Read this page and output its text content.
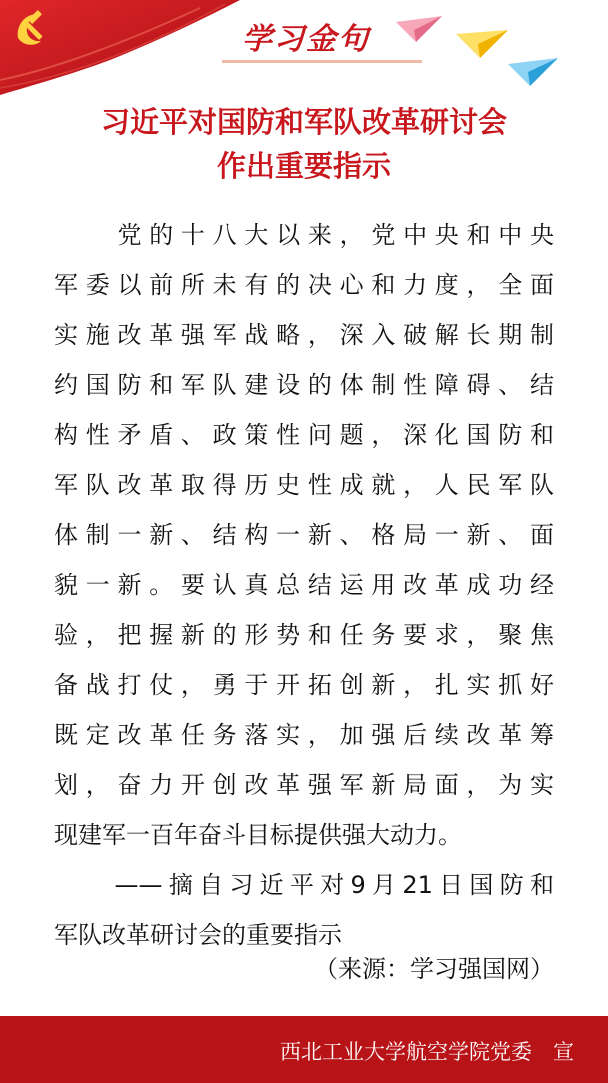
学习金句
习近平对国防和军队改革研讨会
作出重要指示
　　党的十八大以来，党中央和中央
军委以前所未有的决心和力度，全面
实施改革强军战略，深入破解长期制
约国防和军队建设的体制性障碍、结
构性矛盾、政策性问题，深化国防和
军队改革取得历史性成就，人民军队
体制一新、结构一新、格局一新、面
貌一新。要认真总结运用改革成功经
验，把握新的形势和任务要求，聚焦
备战打仗，勇于开拓创新，扎实抓好
既定改革任务落实，加强后续改革筹
划，奋力开创改革强军新局面，为实
现建军一百年奋斗目标提供强大动力。
　　——摘自习近平对9月21日国防和
军队改革研讨会的重要指示
（来源：学习强国网）
西北工业大学航空学院党委　宣
